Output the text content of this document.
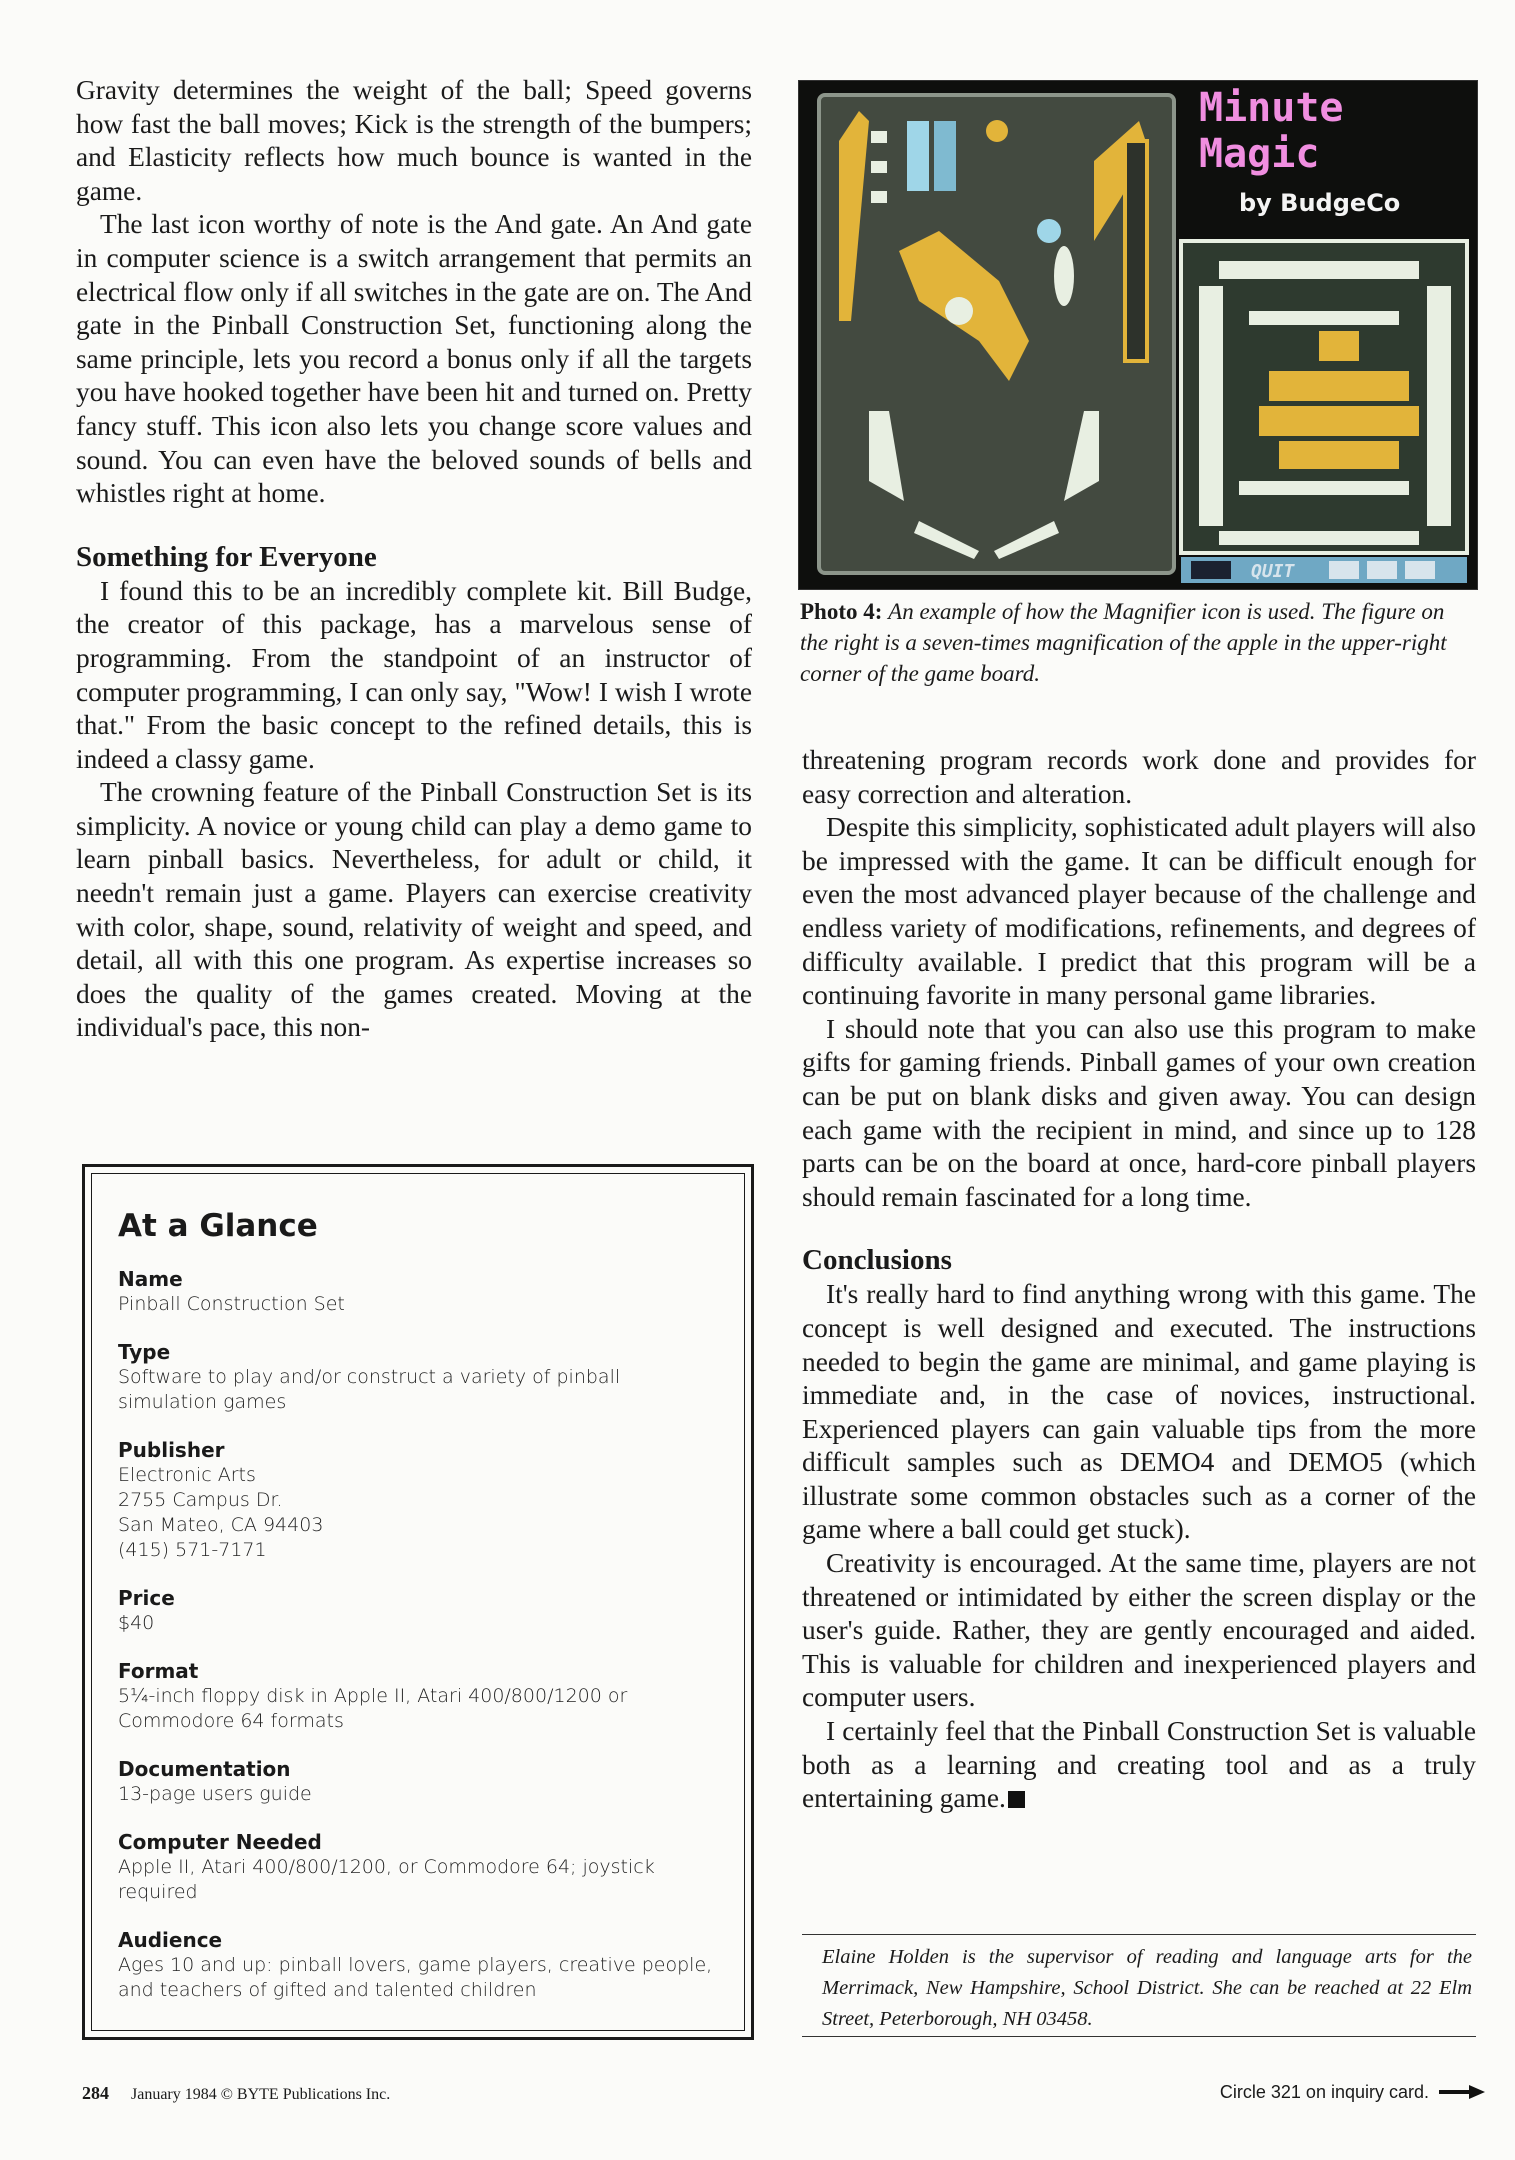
Gravity determines the weight of the ball; Speed governs how fast the ball moves; Kick is the strength of the bumpers; and Elasticity reflects how much bounce is wanted in the game.

The last icon worthy of note is the And gate. An And gate in computer science is a switch arrangement that permits an electrical flow only if all switches in the gate are on. The And gate in the Pinball Construction Set, functioning along the same principle, lets you record a bonus only if all the targets you have hooked together have been hit and turned on. Pretty fancy stuff. This icon also lets you change score values and sound. You can even have the beloved sounds of bells and whistles right at home.

Something for Everyone

I found this to be an incredibly complete kit. Bill Budge, the creator of this package, has a marvelous sense of programming. From the standpoint of an instructor of computer programming, I can only say, "Wow! I wish I wrote that." From the basic concept to the refined details, this is indeed a classy game.

The crowning feature of the Pinball Construction Set is its simplicity. A novice or young child can play a demo game to learn pinball basics. Nevertheless, for adult or child, it needn't remain just a game. Players can exercise creativity with color, shape, sound, relativity of weight and speed, and detail, all with this one program. As expertise increases so does the quality of the games created. Moving at the individual's pace, this non-

QUIT
Minute
Magic
by BudgeCo

Photo 4: An example of how the Magnifier icon is used. The figure on the right is a seven-times magnification of the apple in the upper-right corner of the game board.

threatening program records work done and provides for easy correction and alteration.

Despite this simplicity, sophisticated adult players will also be impressed with the game. It can be difficult enough for even the most advanced player because of the challenge and endless variety of modifications, refinements, and degrees of difficulty available. I predict that this program will be a continuing favorite in many personal game libraries.

I should note that you can also use this program to make gifts for gaming friends. Pinball games of your own creation can be put on blank disks and given away. You can design each game with the recipient in mind, and since up to 128 parts can be on the board at once, hard-core pinball players should remain fascinated for a long time.

Conclusions

It's really hard to find anything wrong with this game. The concept is well designed and executed. The instructions needed to begin the game are minimal, and game playing is immediate and, in the case of novices, instructional. Experienced players can gain valuable tips from the more difficult samples such as DEMO4 and DEMO5 (which illustrate some common obstacles such as a corner of the game where a ball could get stuck).

Creativity is encouraged. At the same time, players are not threatened or intimidated by either the screen display or the user's guide. Rather, they are gently encouraged and aided. This is valuable for children and inexperienced players and computer users.

I certainly feel that the Pinball Construction Set is valuable both as a learning and creating tool and as a truly entertaining game.

At a Glance

Name

Pinball Construction Set

Type

Software to play and/or construct a variety of pinball
simulation games

Publisher

Electronic Arts
2755 Campus Dr.
San Mateo, CA 94403
(415) 571-7171

Price

$40

Format

5¼-inch floppy disk in Apple II, Atari 400/800/1200 or
Commodore 64 formats

Documentation

13-page users guide

Computer Needed

Apple II, Atari 400/800/1200, or Commodore 64; joystick
required

Audience

Ages 10 and up: pinball lovers, game players, creative people,
and teachers of gifted and talented children

Elaine Holden is the supervisor of reading and language arts for the Merrimack, New Hampshire, School District. She can be reached at 22 Elm Street, Peterborough, NH 03458.

284 January 1984 © BYTE Publications Inc.	Circle 321 on inquiry card.
